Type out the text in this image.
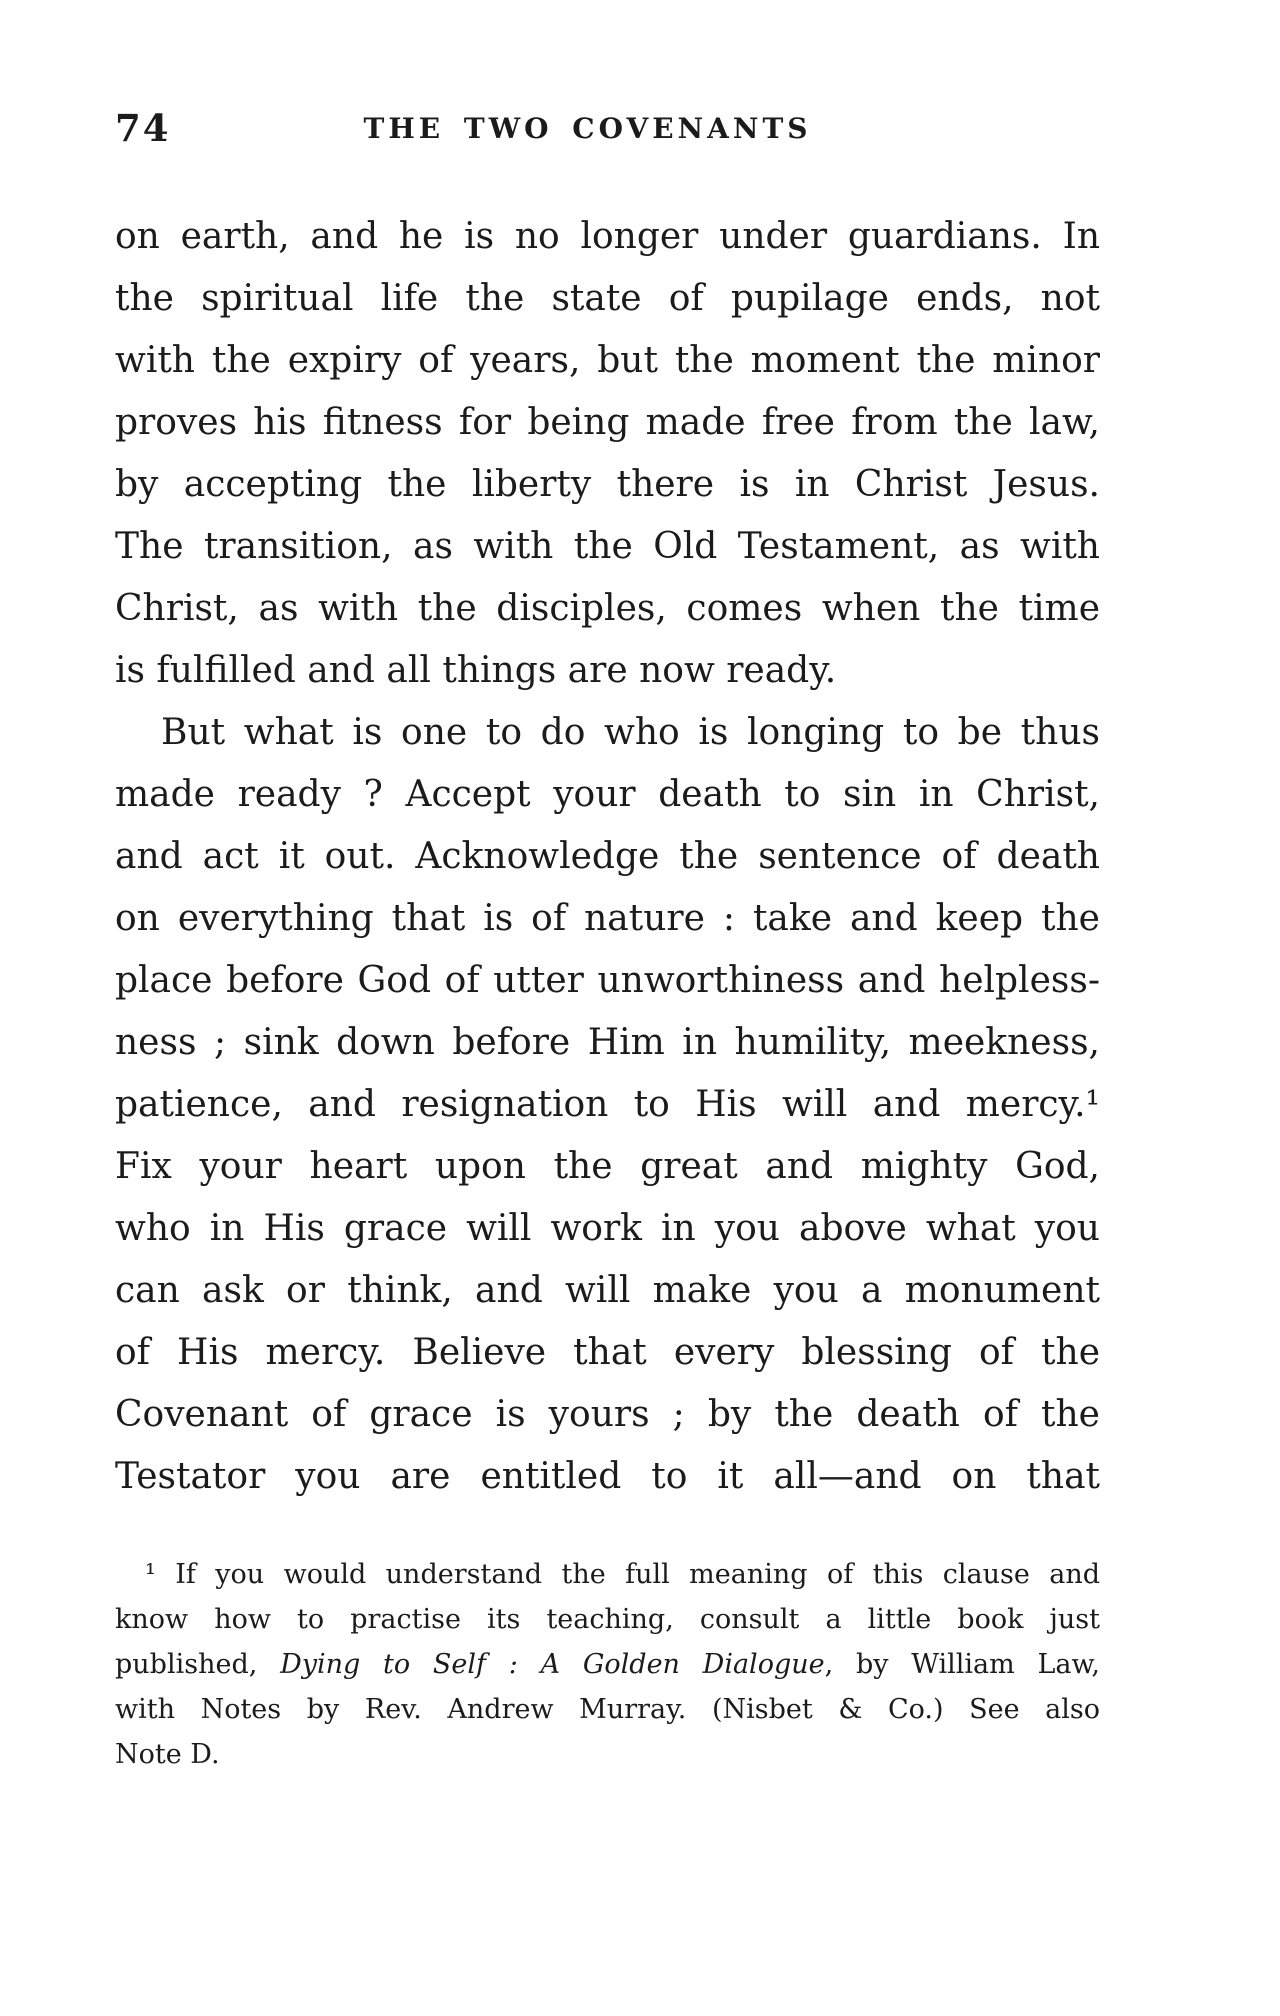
74	THE TWO COVENANTS
on earth, and he is no longer under guardians. In
the spiritual life the state of pupilage ends, not
with the expiry of years, but the moment the minor
proves his fitness for being made free from the law,
by accepting the liberty there is in Christ Jesus.
The transition, as with the Old Testament, as with
Christ, as with the disciples, comes when the time
is fulfilled and all things are now ready.
But what is one to do who is longing to be thus
made ready ? Accept your death to sin in Christ,
and act it out. Acknowledge the sentence of death
on everything that is of nature : take and keep the
place before God of utter unworthiness and helpless-
ness ; sink down before Him in humility, meekness,
patience, and resignation to His will and mercy.¹
Fix your heart upon the great and mighty God,
who in His grace will work in you above what you
can ask or think, and will make you a monument
of His mercy. Believe that every blessing of the
Covenant of grace is yours ; by the death of the
Testator you are entitled to it all—and on that
¹ If you would understand the full meaning of this clause and
know how to practise its teaching, consult a little book just
published, Dying to Self : A Golden Dialogue, by William Law,
with Notes by Rev. Andrew Murray. (Nisbet & Co.) See also
Note D.
